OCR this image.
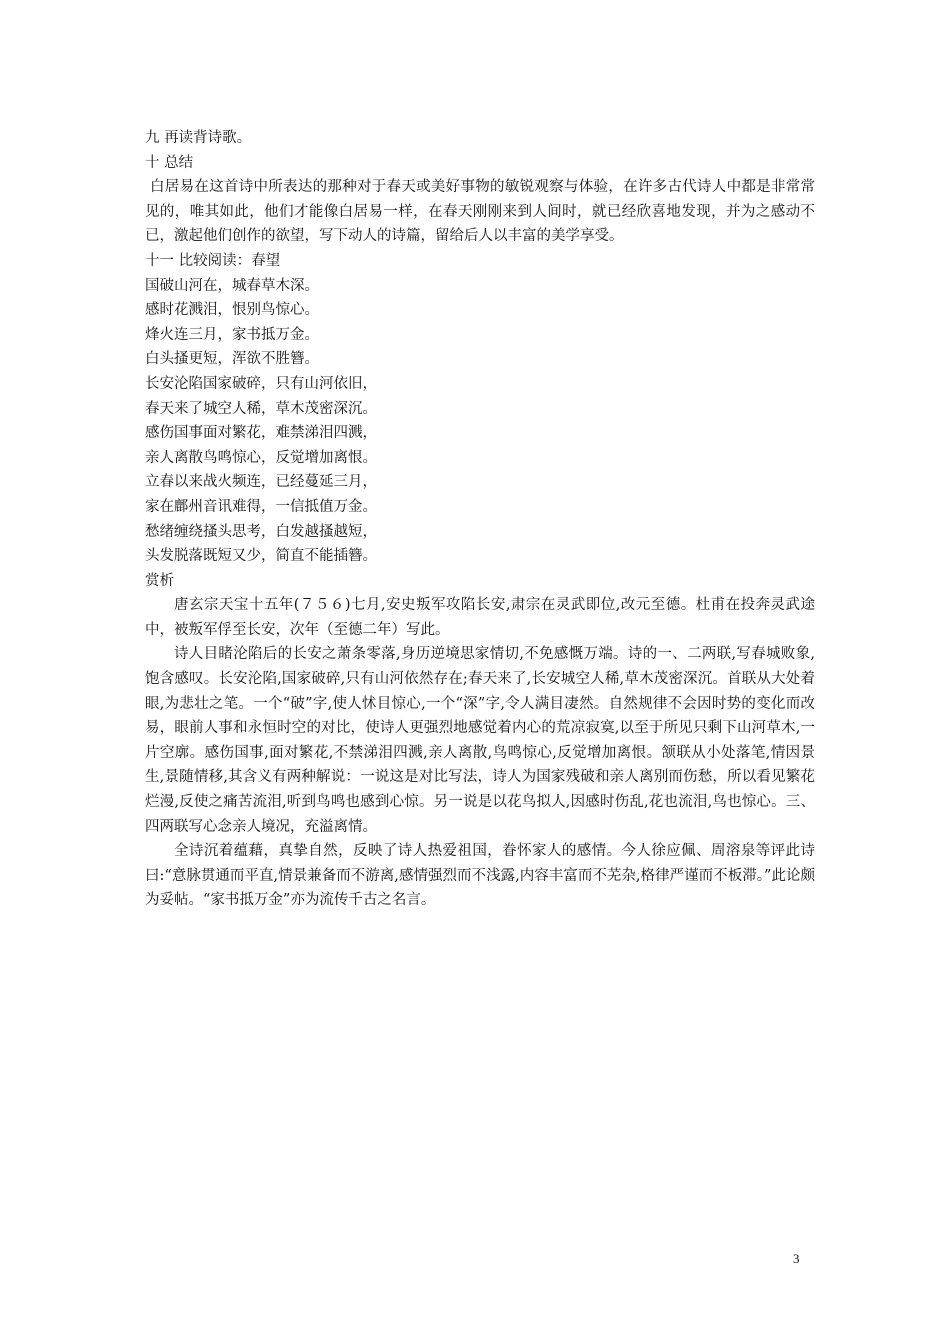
九 再读背诗歌。
十 总结

白居易在这首诗中所表达的那种对于春天或美好事物的敏锐观察与体验，在许多古代诗人中都是非常常见的，唯其如此，他们才能像白居易一样，在春天刚刚来到人间时，就已经欣喜地发现，并为之感动不已，激起他们创作的欲望，写下动人的诗篇，留给后人以丰富的美学享受。

十一 比较阅读：春望
国破山河在，城春草木深。
感时花溅泪，恨别鸟惊心。
烽火连三月，家书抵万金。
白头搔更短，浑欲不胜簪。
长安沦陷国家破碎，只有山河依旧，
春天来了城空人稀，草木茂密深沉。
感伤国事面对繁花，难禁涕泪四溅，
亲人离散鸟鸣惊心，反觉增加离恨。
立春以来战火频连，已经蔓延三月，
家在鄜州音讯难得，一信抵值万金。
愁绪缠绕搔头思考，白发越搔越短，
头发脱落既短又少，简直不能插簪。
赏析

唐玄宗天宝十五年(７５６)七月,安史叛军攻陷长安,肃宗在灵武即位,改元至德。杜甫在投奔灵武途中，被叛军俘至长安，次年（至德二年）写此。

诗人目睹沦陷后的长安之萧条零落,身历逆境思家情切,不免感慨万端。诗的一、二两联,写春城败象,饱含感叹。长安沦陷,国家破碎,只有山河依然存在;春天来了,长安城空人稀,草木茂密深沉。首联从大处着眼,为悲壮之笔。一个“破”字,使人怵目惊心,一个“深”字,令人满目凄然。自然规律不会因时势的变化而改易，眼前人事和永恒时空的对比，使诗人更强烈地感觉着内心的荒凉寂寞,以至于所见只剩下山河草木,一片空廓。感伤国事,面对繁花,不禁涕泪四溅,亲人离散,鸟鸣惊心,反觉增加离恨。颔联从小处落笔,情因景生,景随情移,其含义有两种解说：一说这是对比写法，诗人为国家残破和亲人离别而伤愁，所以看见繁花烂漫,反使之痛苦流泪,听到鸟鸣也感到心惊。另一说是以花鸟拟人,因感时伤乱,花也流泪,鸟也惊心。三、四两联写心念亲人境况，充溢离情。

全诗沉着蕴藉，真挚自然，反映了诗人热爱祖国，眷怀家人的感情。今人徐应佩、周溶泉等评此诗曰:“意脉贯通而平直,情景兼备而不游离,感情强烈而不浅露,内容丰富而不芜杂,格律严谨而不板滞。”此论颇为妥帖。“家书抵万金”亦为流传千古之名言。

3
